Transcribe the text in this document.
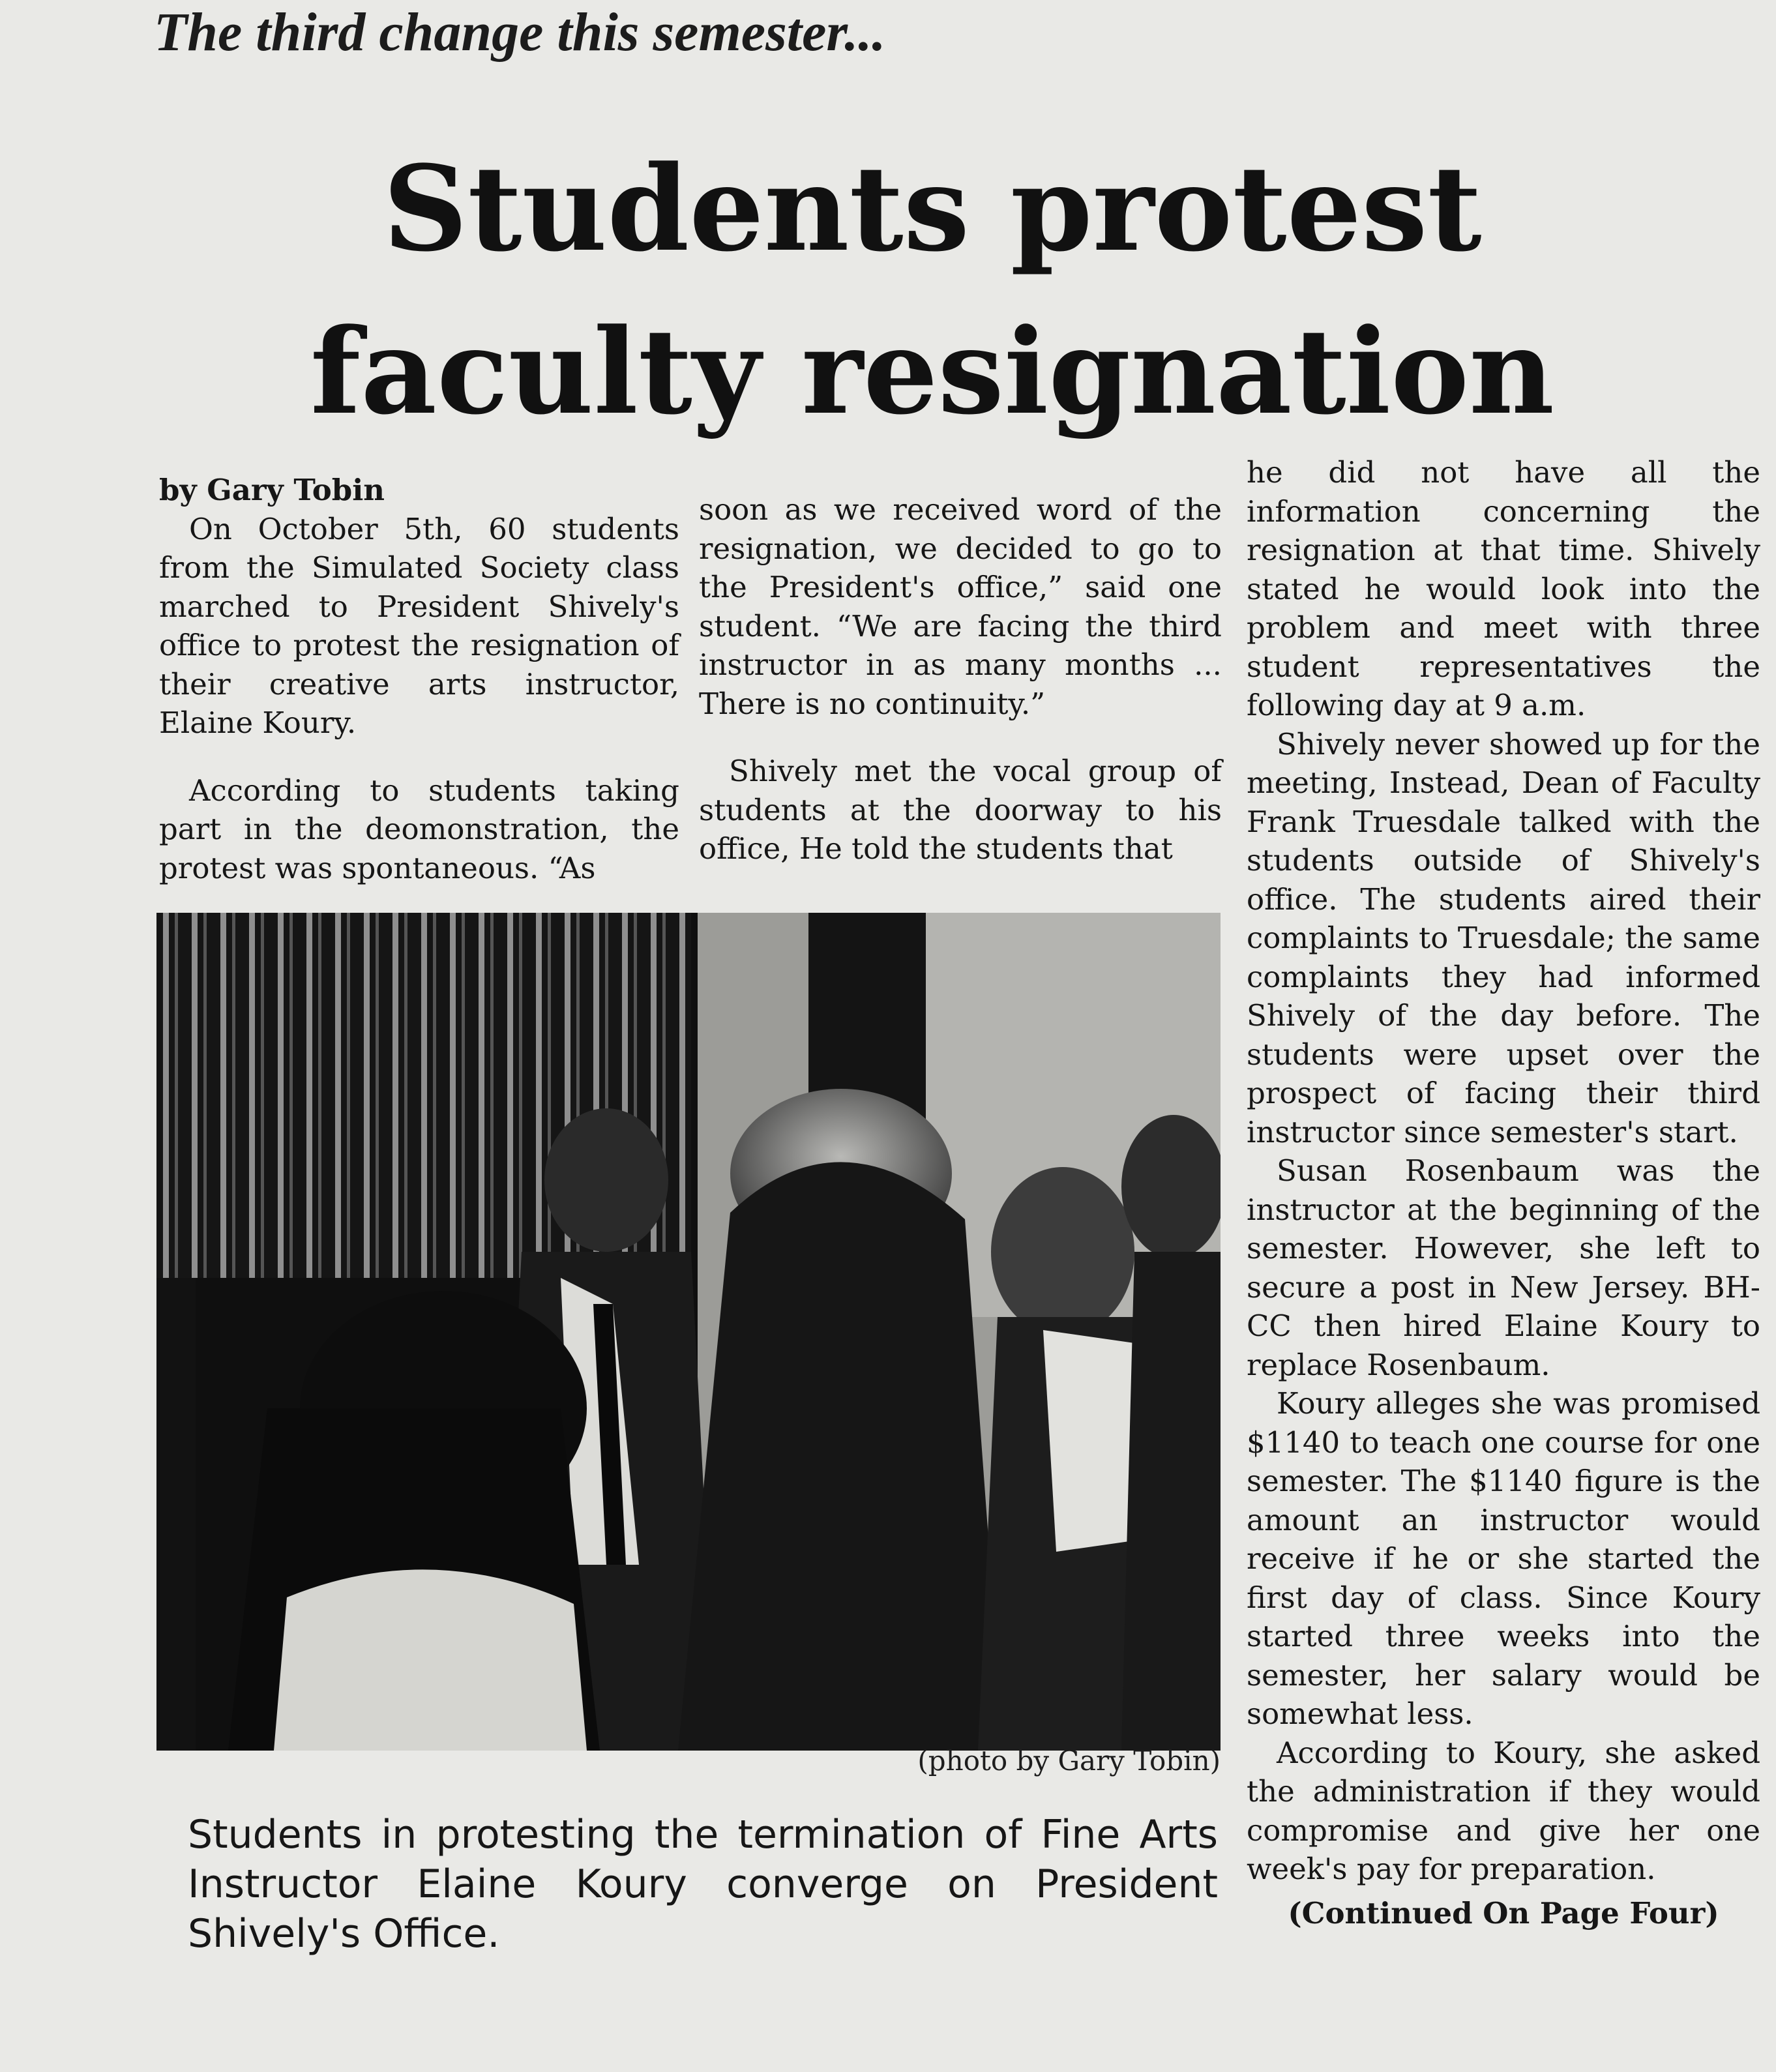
The third change this semester...
Students protest
faculty resignation

by Gary Tobin

On October 5th, 60 students from the Simulated Society class marched to President Shively's office to protest the resignation of their creative arts instructor, Elaine Koury.

According to students taking part in the deomonstration, the protest was spontaneous. “As

soon as we received word of the resignation, we decided to go to the President's office,” said one student. “We are facing the third instructor in as many months ... There is no continuity.”

Shively met the vocal group of students at the doorway to his office, He told the students that

he did not have all the information concerning the resignation at that time. Shively stated he would look into the problem and meet with three student representatives the following day at 9 a.m.

Shively never showed up for the meeting, Instead, Dean of Faculty Frank Truesdale talked with the students outside of Shively's office. The students aired their complaints to Truesdale; the same complaints they had informed Shively of the day before. The students were upset over the prospect of facing their third instructor since semester's start.

Susan Rosenbaum was the instructor at the beginning of the semester. However, she left to secure a post in New Jersey. BH-CC then hired Elaine Koury to replace Rosenbaum.

Koury alleges she was promised $1140 to teach one course for one semester. The $1140 figure is the amount an instructor would receive if he or she started the first day of class. Since Koury started three weeks into the semester, her salary would be somewhat less.

According to Koury, she asked the administration if they would compromise and give her one week's pay for preparation.

(Continued On Page Four)

(photo by Gary Tobin)

Students in protesting the termination of Fine Arts Instructor Elaine Koury converge on President Shively's Office.
